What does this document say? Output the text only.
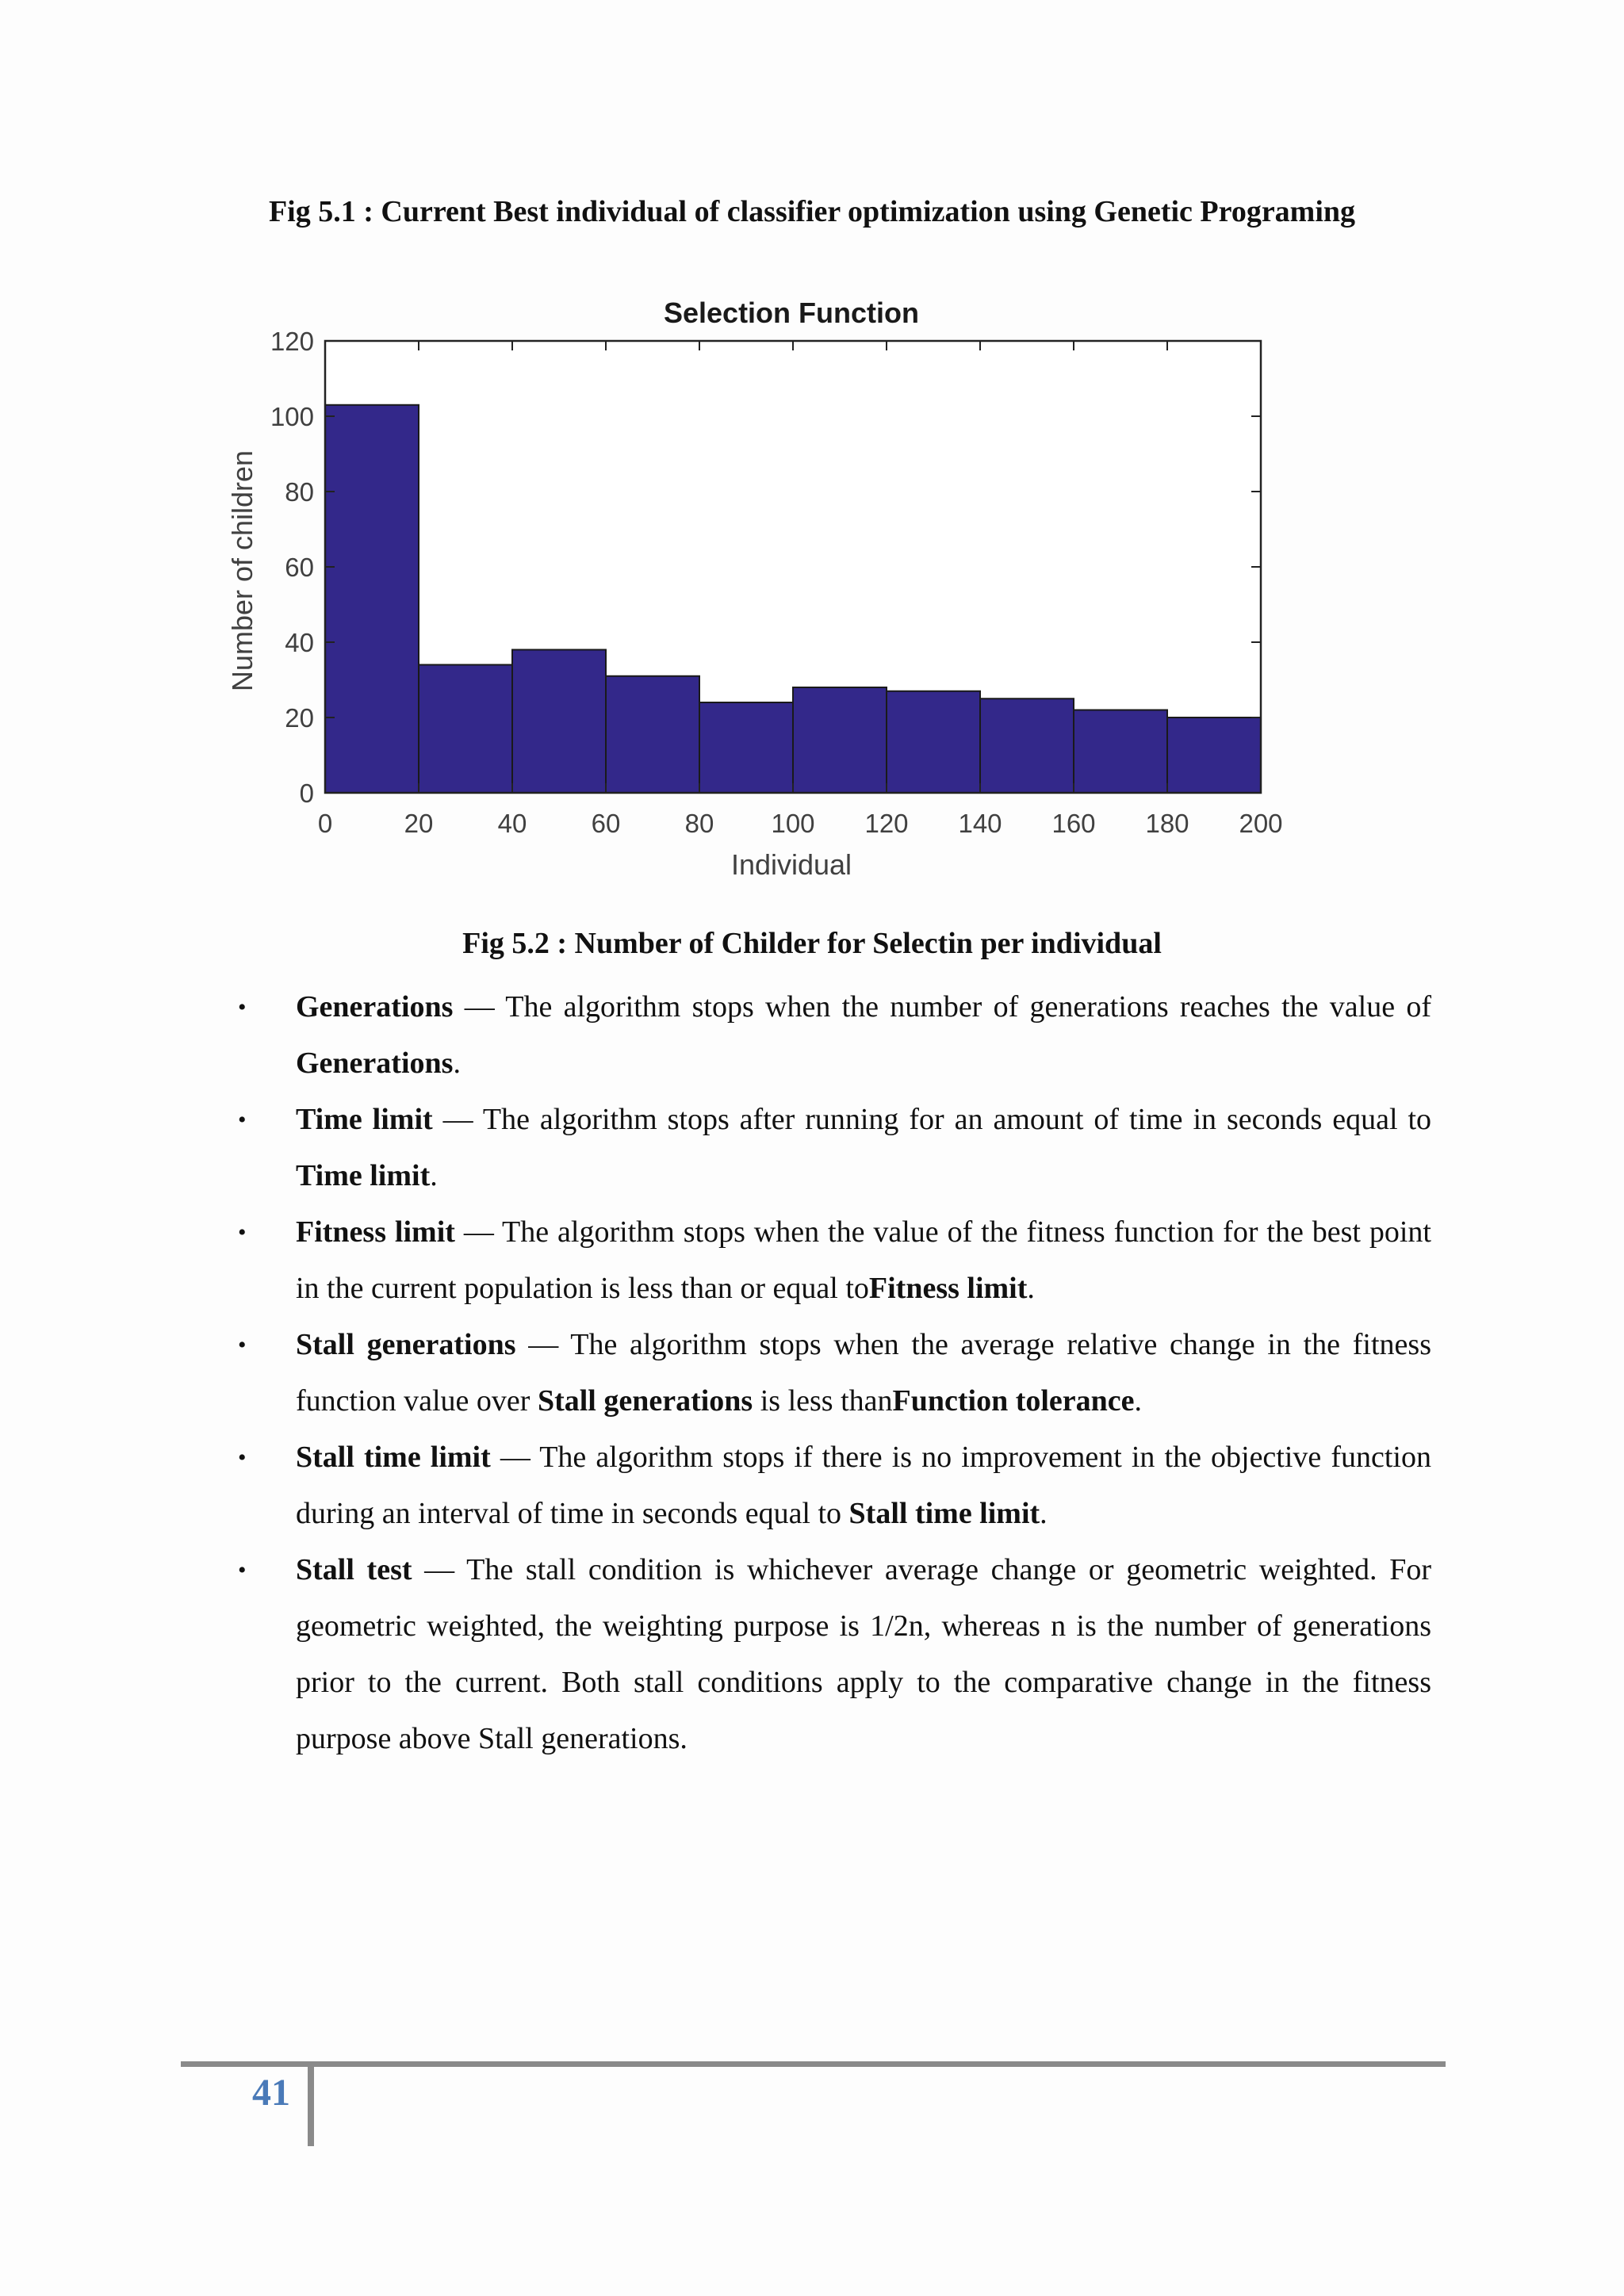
Fig 5.1 : Current Best individual of classifier optimization using Genetic Programing
0	20 40 60 80 100 120 140 160 180 200
0
20
40
60
80
100
120
Selection Function
Individual
Number of children
Fig 5.2 : Number of Childer for Selectin per individual
• Generations — The algorithm stops when the number of generations reaches the value of Generations.
• Time limit — The algorithm stops after running for an amount of time in seconds equal to Time limit.
• Fitness limit — The algorithm stops when the value of the fitness function for the best point in the current population is less than or equal toFitness limit.
• Stall generations — The algorithm stops when the average relative change in the fitness function value over Stall generations is less thanFunction tolerance.
• Stall time limit — The algorithm stops if there is no improvement in the objective function during an interval of time in seconds equal to Stall time limit.
• Stall test — The stall condition is whichever average change or geometric weighted. For geometric weighted, the weighting purpose is 1/2n, whereas n is the number of generations prior to the current. Both stall conditions apply to the comparative change in the fitness purpose above Stall generations.
41
